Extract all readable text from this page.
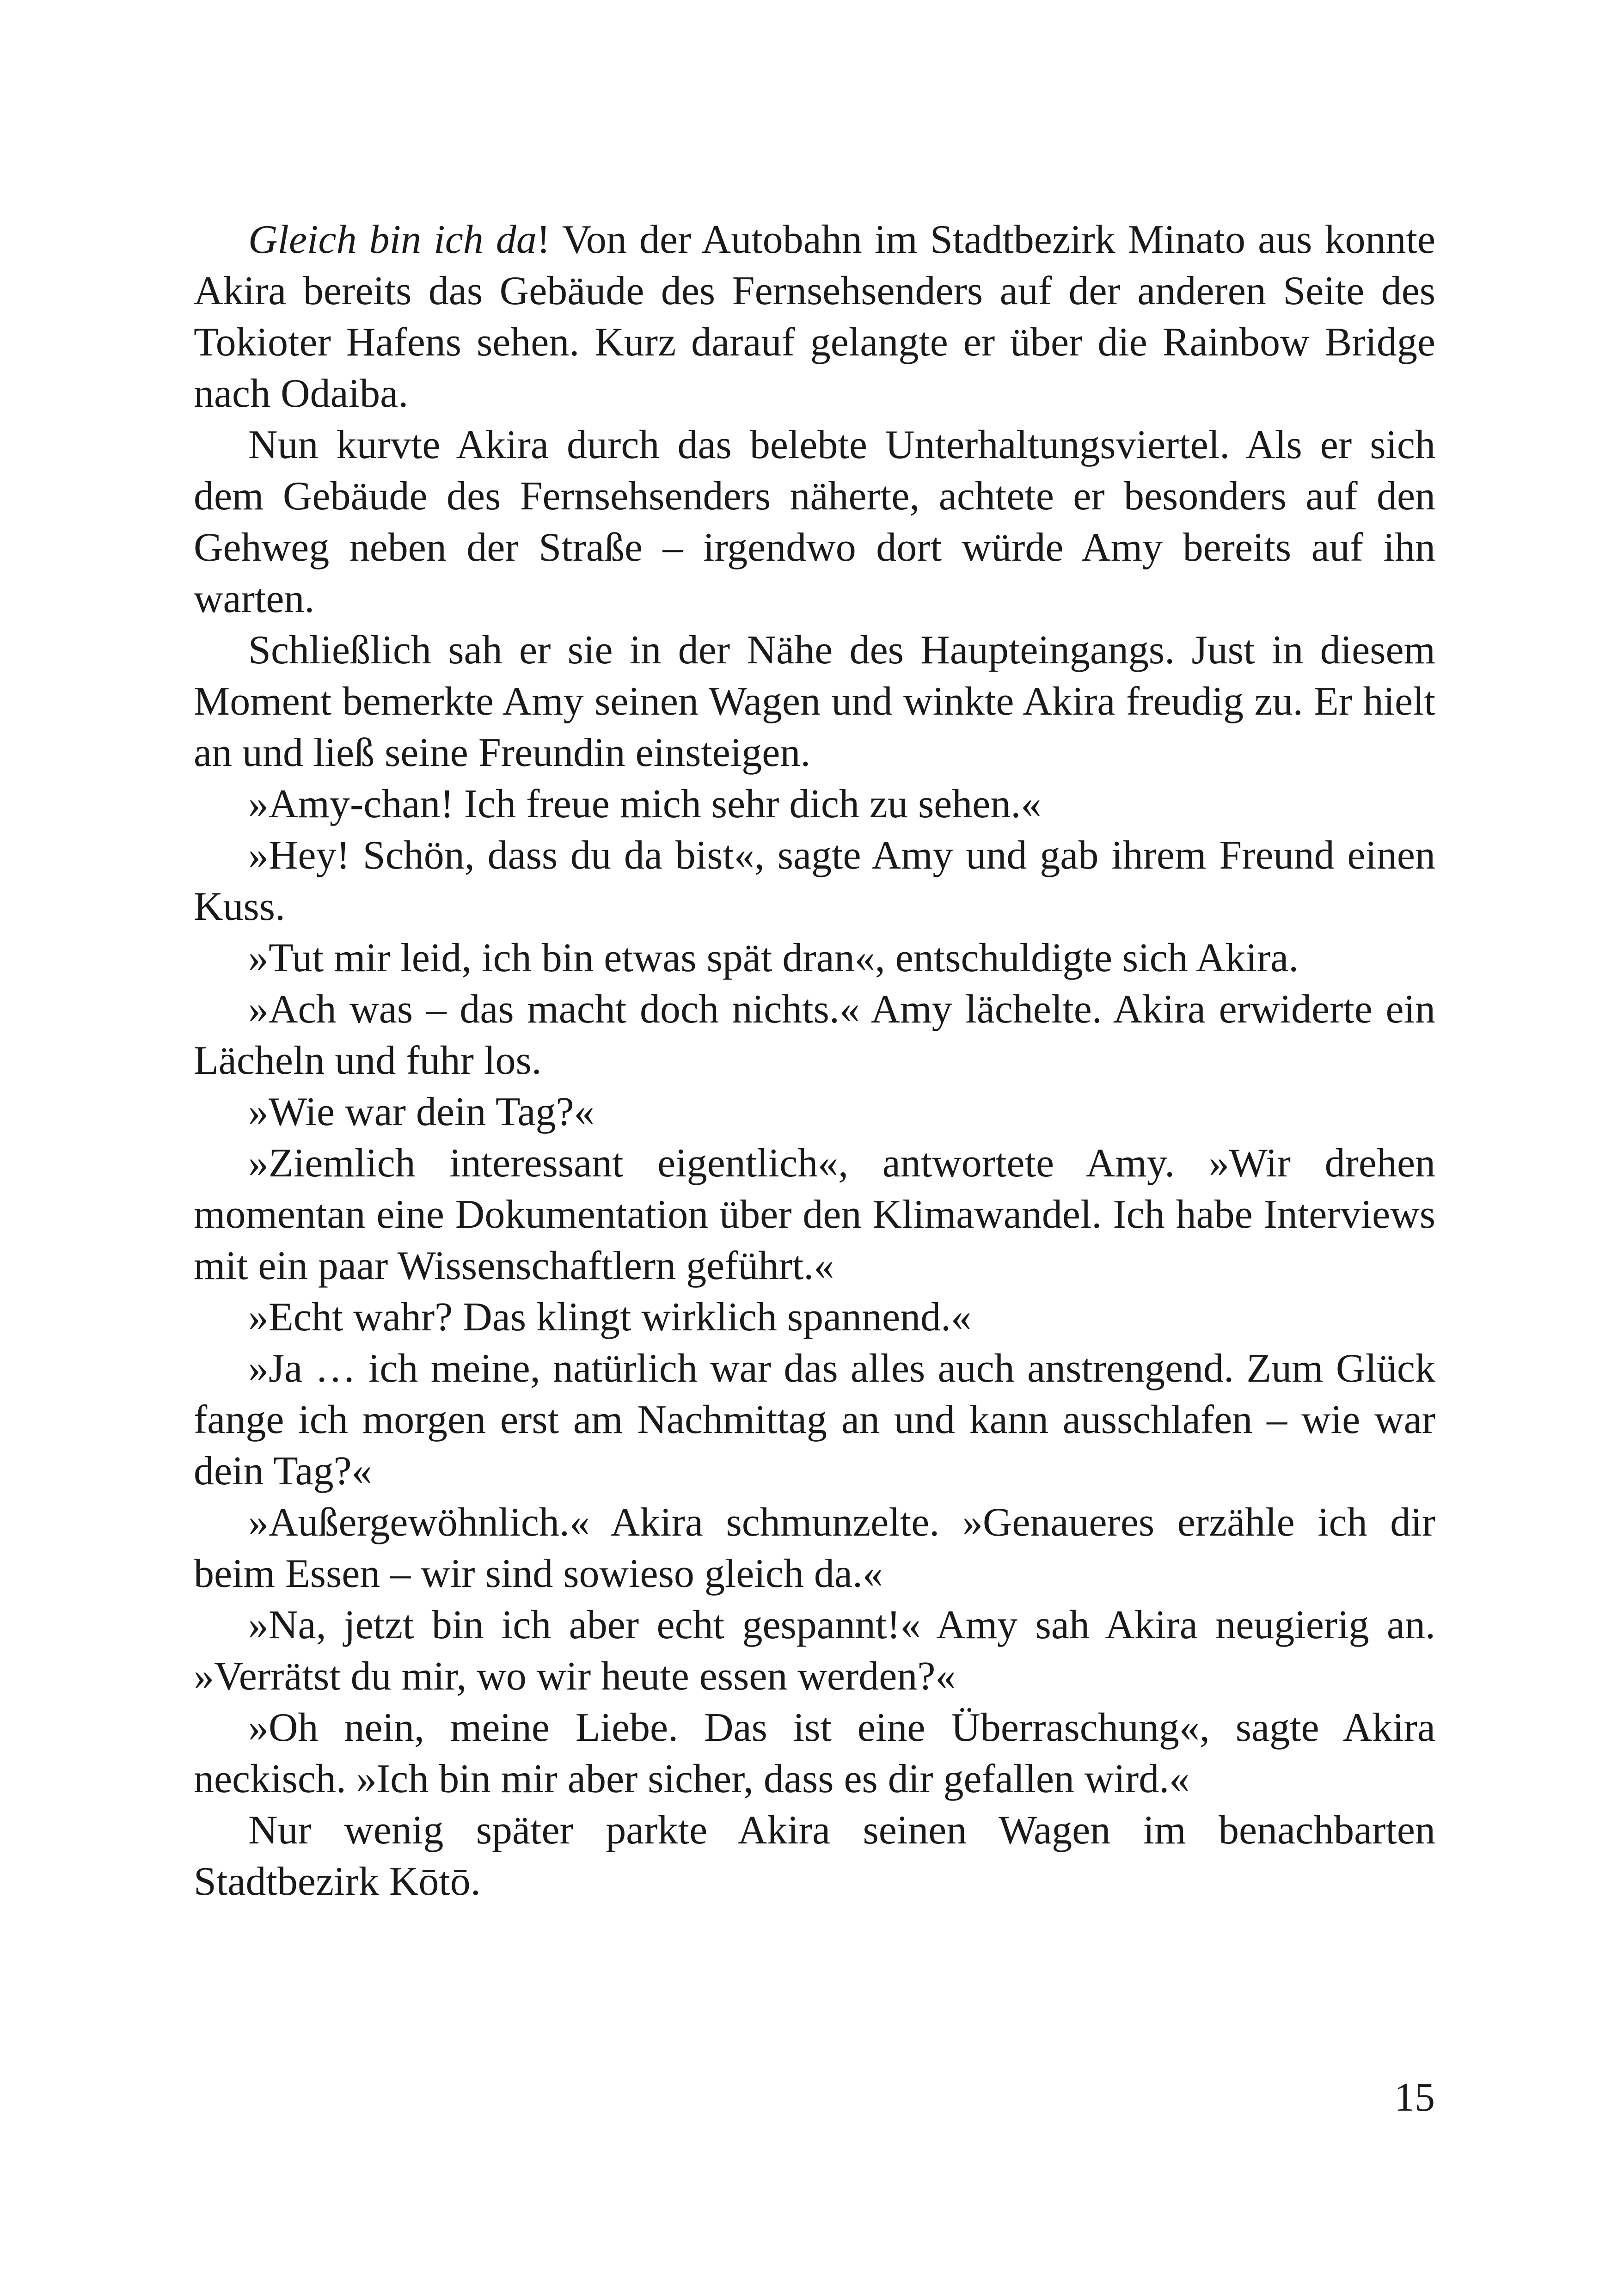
Gleich bin ich da! Von der Autobahn im Stadtbezirk Minato aus konnte Akira bereits das Gebäude des Fernsehsenders auf der anderen Seite des Tokioter Hafens sehen. Kurz darauf gelangte er über die Rainbow Bridge nach Odaiba.

Nun kurvte Akira durch das belebte Unterhaltungsviertel. Als er sich dem Gebäude des Fernsehsenders näherte, achtete er besonders auf den Gehweg neben der Straße – irgendwo dort würde Amy bereits auf ihn warten.

Schließlich sah er sie in der Nähe des Haupteingangs. Just in diesem Moment bemerkte Amy seinen Wagen und winkte Akira freudig zu. Er hielt an und ließ seine Freundin einsteigen.

»Amy-chan! Ich freue mich sehr dich zu sehen.«

»Hey! Schön, dass du da bist«, sagte Amy und gab ihrem Freund einen Kuss.

»Tut mir leid, ich bin etwas spät dran«, entschuldigte sich Akira.

»Ach was – das macht doch nichts.« Amy lächelte. Akira erwiderte ein Lächeln und fuhr los.

»Wie war dein Tag?«

»Ziemlich interessant eigentlich«, antwortete Amy. »Wir drehen momentan eine Dokumentation über den Klimawandel. Ich habe Interviews mit ein paar Wissenschaftlern geführt.«

»Echt wahr? Das klingt wirklich spannend.«

»Ja … ich meine, natürlich war das alles auch anstrengend. Zum Glück fange ich morgen erst am Nachmittag an und kann ausschlafen – wie war dein Tag?«

»Außergewöhnlich.« Akira schmunzelte. »Genaueres erzähle ich dir beim Essen – wir sind sowieso gleich da.«

»Na, jetzt bin ich aber echt gespannt!« Amy sah Akira neugierig an. »Verrätst du mir, wo wir heute essen werden?«

»Oh nein, meine Liebe. Das ist eine Überraschung«, sagte Akira neckisch. »Ich bin mir aber sicher, dass es dir gefallen wird.«

Nur wenig später parkte Akira seinen Wagen im benachbarten Stadtbezirk Kōtō.

15
